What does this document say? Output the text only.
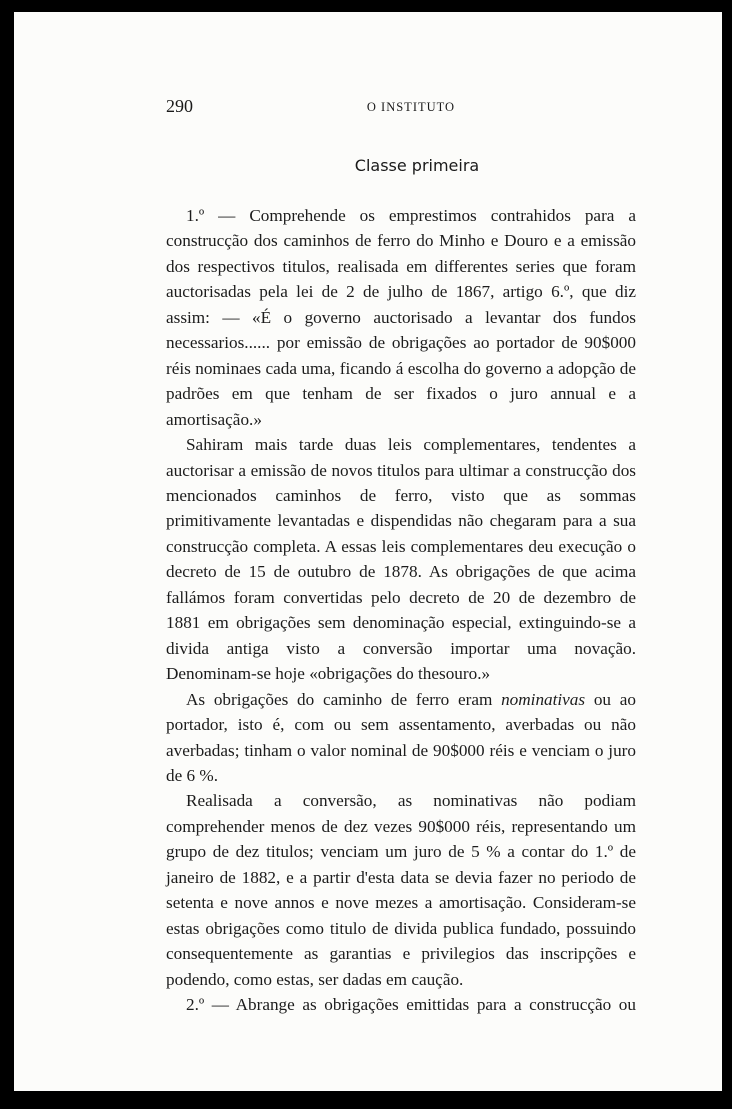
290	O INSTITUTO
Classe primeira

1.º — Comprehende os emprestimos contrahidos para a construcção dos caminhos de ferro do Minho e Douro e a emissão dos respectivos titulos, realisada em differentes series que foram auctorisadas pela lei de 2 de julho de 1867, artigo 6.º, que diz assim: — «É o governo auctorisado a levantar dos fundos necessarios...... por emissão de obrigações ao portador de 90$000 réis nominaes cada uma, ficando á escolha do governo a adopção de padrões em que tenham de ser fixados o juro annual e a amortisação.»

Sahiram mais tarde duas leis complementares, tendentes a auctorisar a emissão de novos titulos para ultimar a construcção dos mencionados caminhos de ferro, visto que as sommas primitivamente levantadas e dispendidas não chegaram para a sua construcção completa. A essas leis complementares deu execução o decreto de 15 de outubro de 1878. As obrigações de que acima fallámos foram convertidas pelo decreto de 20 de dezembro de 1881 em obrigações sem denominação especial, extinguindo-se a divida antiga visto a conversão importar uma novação. Denominam-se hoje «obrigações do thesouro.»

As obrigações do caminho de ferro eram nominativas ou ao portador, isto é, com ou sem assentamento, averbadas ou não averbadas; tinham o valor nominal de 90$000 réis e venciam o juro de 6 %.

Realisada a conversão, as nominativas não podiam comprehender menos de dez vezes 90$000 réis, representando um grupo de dez titulos; venciam um juro de 5 % a contar do 1.º de janeiro de 1882, e a partir d'esta data se devia fazer no periodo de setenta e nove annos e nove mezes a amortisação. Consideram-se estas obrigações como titulo de divida publica fundado, possuindo consequentemente as garantias e privilegios das inscripções e podendo, como estas, ser dadas em caução.

2.º — Abrange as obrigações emittidas para a construcção ou
